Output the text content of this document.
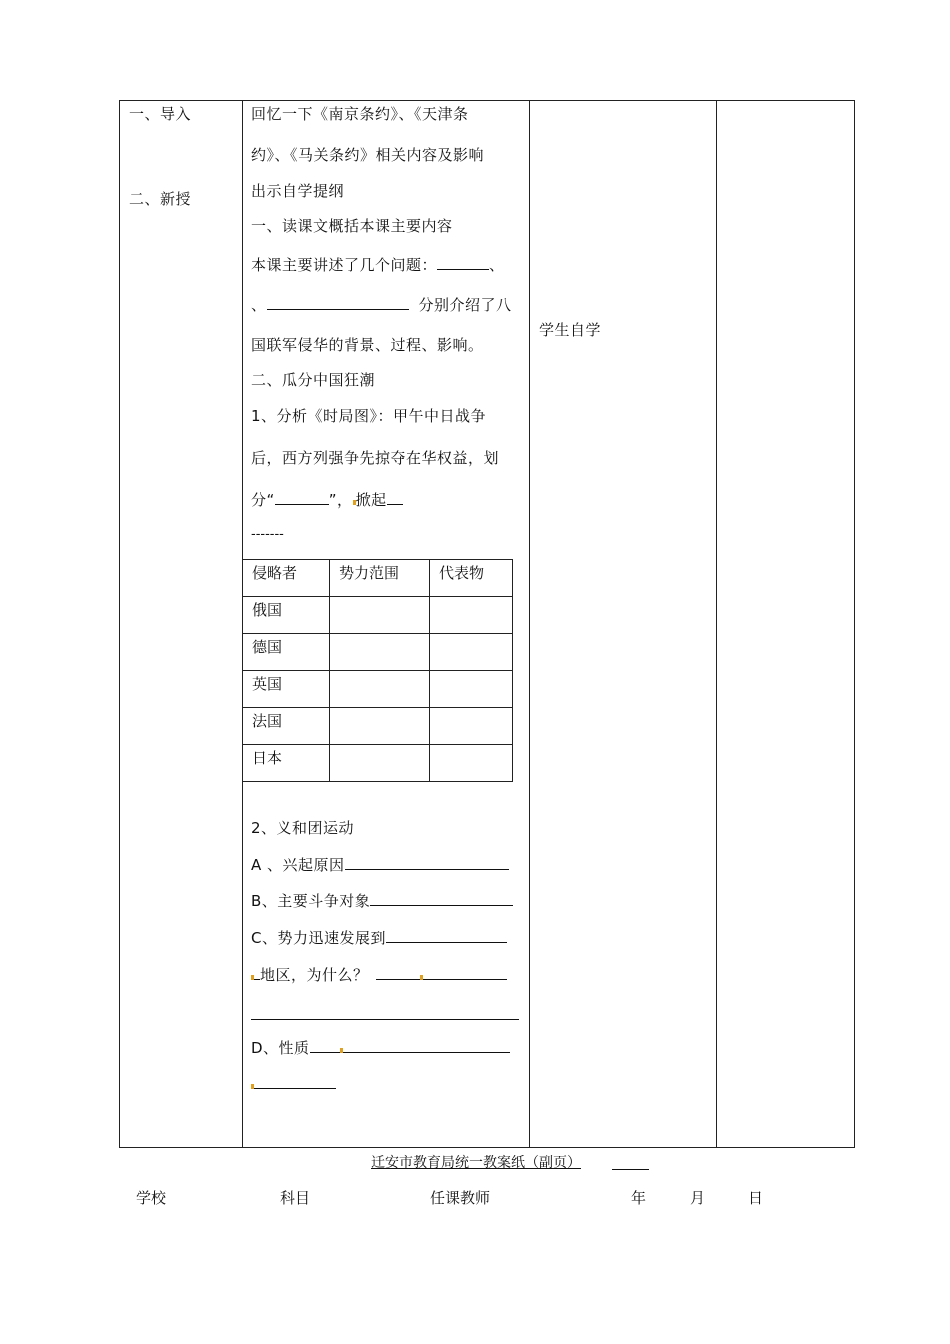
一、导入
二、新授
回忆一下《南京条约》、《天津条
约》、《马关条约》相关内容及影响
出示自学提纲
一、读课文概括本课主要内容
本课主要讲述了几个问题：	、
、	分别介绍了八
国联军侵华的背景、过程、影响。
二、瓜分中国狂潮
1、分析《时局图》：甲午中日战争
后，西方列强争先掠夺在华权益，划
分“	”， 掀起
-------
侵略者	势力范围	代表物
俄国		
德国		
英国		
法国		
日本		
2、义和团运动
A 、兴起原因
B、主要斗争对象
C、势力迅速发展到
地区，为什么？
D、性质
学生自学
迁安市教育局统一教案纸（副页）
学校	科目	任课教师	年	月	日
